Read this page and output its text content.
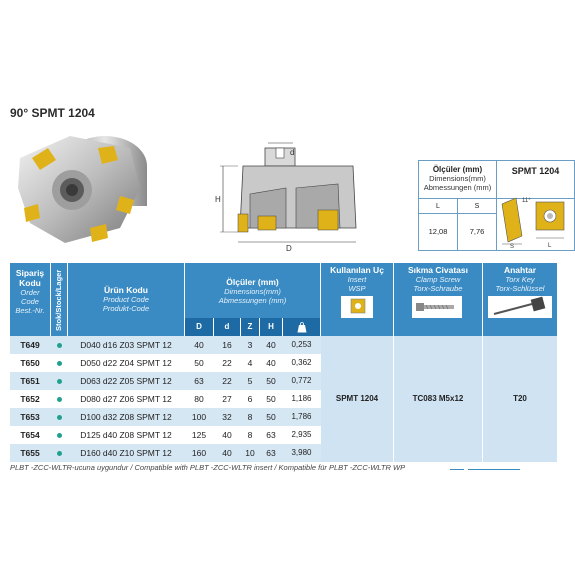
90° SPMT 1204
H
d
D
Ölçüler (mm)
Dimensions(mm)
Abmessungen (mm)
SPMT 1204
L	S
12,08	7,76
11°
S	L
Sipariş
Kodu
Order
Code
Best.-Nr.	Stok/Stock/Lager	Ürün Kodu
Product Code
Produkt-Code
Ölçüler (mm)
Dimensions(mm)
Abmessungen (mm)
D	d	Z	H
Kullanılan Uç
Insert
WSP
Sıkma Civatası
Clamp Screw
Torx-Schraube
Anahtar
Torx Key
Torx-Schlüssel
SPMT 1204	TC083 M5x12	T20
T649	D040 d16 Z03 SPMT 12	40	16	3	40	0,253
T650	D050 d22 Z04 SPMT 12	50	22	4	40	0,362
T651	D063 d22 Z05 SPMT 12	63	22	5	50	0,772
T652	D080 d27 Z06 SPMT 12	80	27	6	50	1,186
T653	D100 d32 Z08 SPMT 12	100	32	8	50	1,786
T654	D125 d40 Z08 SPMT 12	125	40	8	63	2,935
T655	D160 d40 Z10 SPMT 12	160	40	10	63	3,980
PLBT -ZCC-WLTR-ucuna uygundur / Compatible with PLBT -ZCC-WLTR insert / Kompatible für PLBT -ZCC-WLTR WP
